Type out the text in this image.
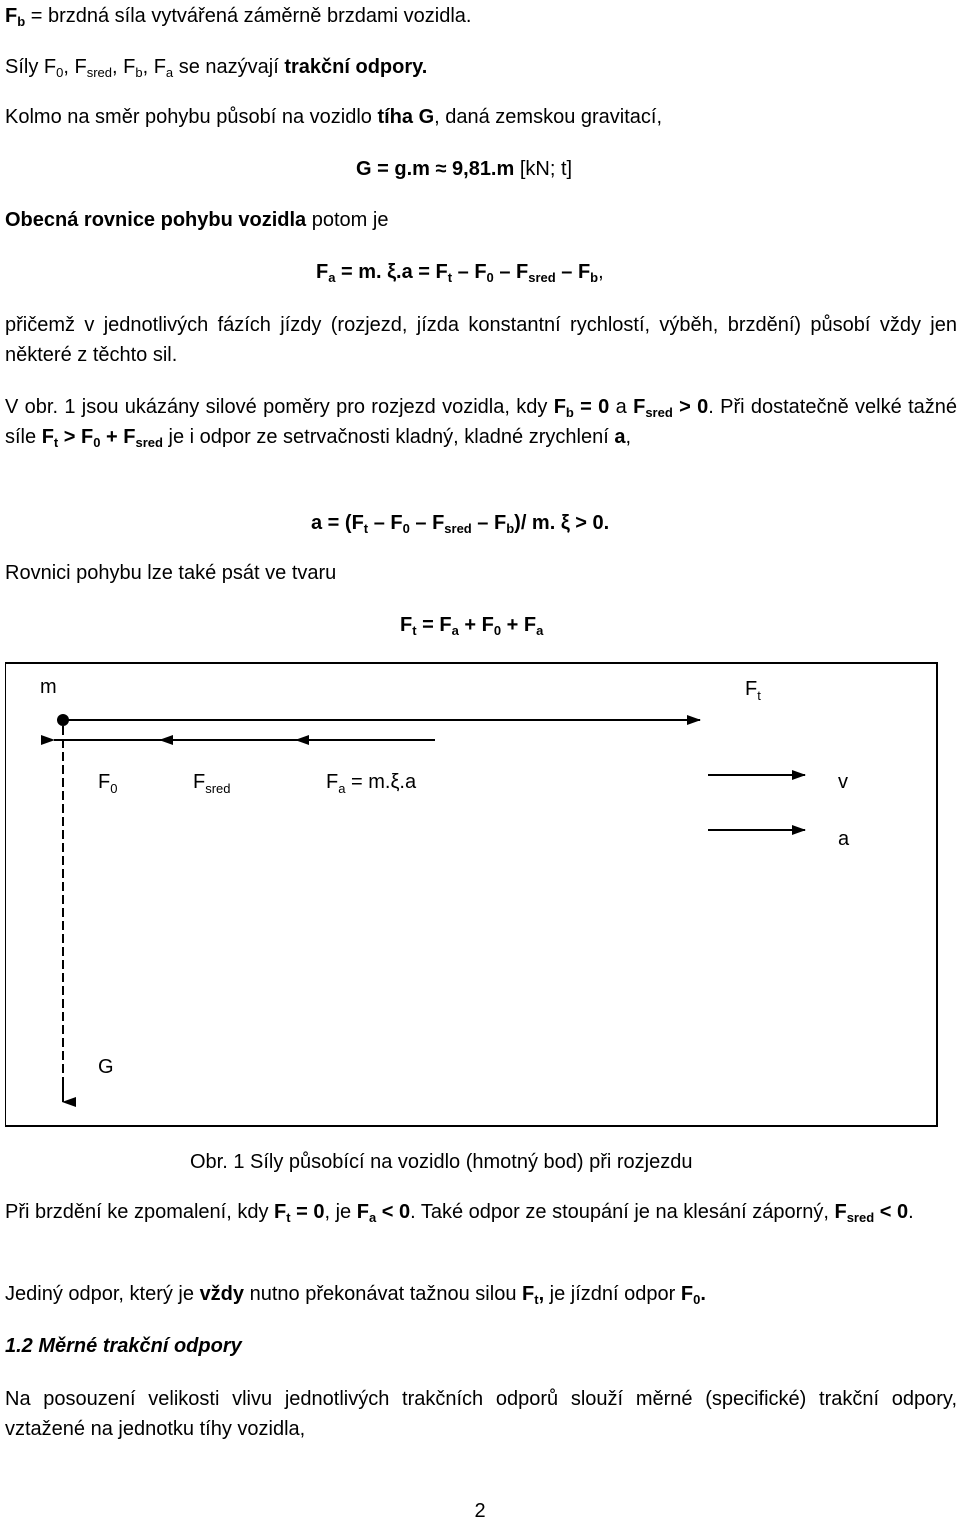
$F_b$ = brzdná síla vytvářená záměrně brzdami vozidla.
Síly $F_0$, $F_{sred}$, $F_b$, $F_a$ se nazývají trakční odpory.
Kolmo na směr pohybu působí na vozidlo tíha G, daná zemskou gravitací,
G = g.m ≈ 9,81.m [kN; t]
Obecná rovnice pohybu vozidla potom je
$F_a = m$. $\xi.a = F_t - F_0 - F_{sred} - F_b$,
přičemž v jednotlivých fázích jízdy (rozjezd, jízda konstantní rychlostí, výběh, brzdění) působí vždy jen některé z těchto sil.
V obr. 1 jsou ukázány silové poměry pro rozjezd vozidla, kdy $F_b = 0$ a $F_{sred} > 0$. Při dostatečně velké tažné síle $F_t > F_0 + F_{sred}$ je i odpor ze setrvačnosti kladný, kladné zrychlení a,
$a = (F_t - F_0 - F_{sred} - F_b)/$ m. ξ > 0.
Rovnici pohybu lze také psát ve tvaru
$F_t = F_a + F_0 + F_a$
m	$F_t$
$F_0$	$F_{sred}$	$F_a = m.\xi.a$	v
a
G
Obr. 1 Síly působící na vozidlo (hmotný bod) při rozjezdu
Při brzdění ke zpomalení, kdy $F_t = 0$, je $F_a < 0$. Také odpor ze stoupání je na klesání záporný, $F_{sred} < 0$.
Jediný odpor, který je vždy nutno překonávat tažnou silou $F_t$, je jízdní odpor $F_0$.
1.2 Měrné trakční odpory
Na posouzení velikosti vlivu jednotlivých trakčních odporů slouží měrné (specifické) trakční odpory, vztažené na jednotku tíhy vozidla,
2
